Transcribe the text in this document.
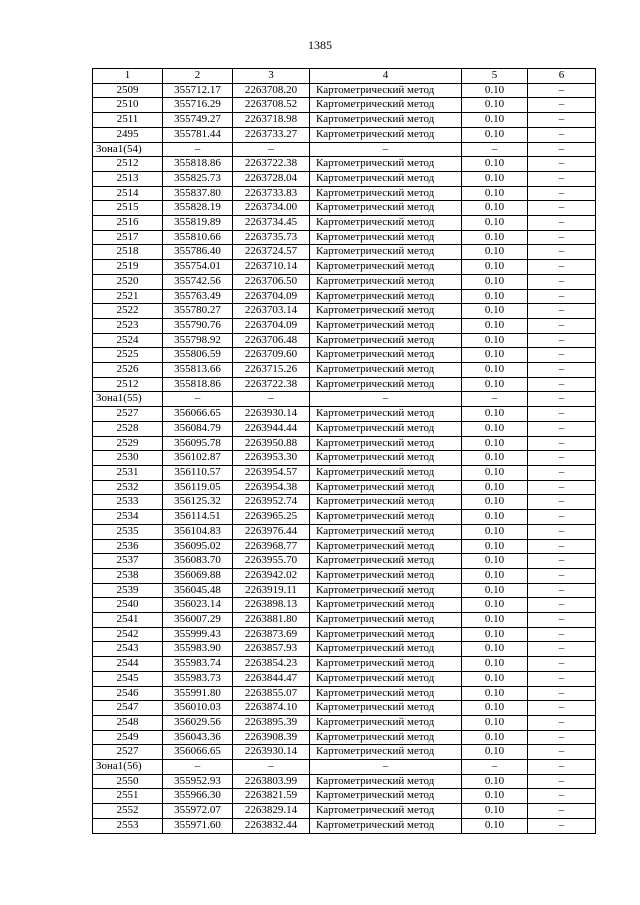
1385
1	2	3	4	5	6
2509	355712.17	2263708.20	Картометрический метод	0.10	–
2510	355716.29	2263708.52	Картометрический метод	0.10	–
2511	355749.27	2263718.98	Картометрический метод	0.10	–
2495	355781.44	2263733.27	Картометрический метод	0.10	–
Зона1(54)	–	–	–	–	–
2512	355818.86	2263722.38	Картометрический метод	0.10	–
2513	355825.73	2263728.04	Картометрический метод	0.10	–
2514	355837.80	2263733.83	Картометрический метод	0.10	–
2515	355828.19	2263734.00	Картометрический метод	0.10	–
2516	355819.89	2263734.45	Картометрический метод	0.10	–
2517	355810.66	2263735.73	Картометрический метод	0.10	–
2518	355786.40	2263724.57	Картометрический метод	0.10	–
2519	355754.01	2263710.14	Картометрический метод	0.10	–
2520	355742.56	2263706.50	Картометрический метод	0.10	–
2521	355763.49	2263704.09	Картометрический метод	0.10	–
2522	355780.27	2263703.14	Картометрический метод	0.10	–
2523	355790.76	2263704.09	Картометрический метод	0.10	–
2524	355798.92	2263706.48	Картометрический метод	0.10	–
2525	355806.59	2263709.60	Картометрический метод	0.10	–
2526	355813.66	2263715.26	Картометрический метод	0.10	–
2512	355818.86	2263722.38	Картометрический метод	0.10	–
Зона1(55)	–	–	–	–	–
2527	356066.65	2263930.14	Картометрический метод	0.10	–
2528	356084.79	2263944.44	Картометрический метод	0.10	–
2529	356095.78	2263950.88	Картометрический метод	0.10	–
2530	356102.87	2263953.30	Картометрический метод	0.10	–
2531	356110.57	2263954.57	Картометрический метод	0.10	–
2532	356119.05	2263954.38	Картометрический метод	0.10	–
2533	356125.32	2263952.74	Картометрический метод	0.10	–
2534	356114.51	2263965.25	Картометрический метод	0.10	–
2535	356104.83	2263976.44	Картометрический метод	0.10	–
2536	356095.02	2263968.77	Картометрический метод	0.10	–
2537	356083.70	2263955.70	Картометрический метод	0.10	–
2538	356069.88	2263942.02	Картометрический метод	0.10	–
2539	356045.48	2263919.11	Картометрический метод	0.10	–
2540	356023.14	2263898.13	Картометрический метод	0.10	–
2541	356007.29	2263881.80	Картометрический метод	0.10	–
2542	355999.43	2263873.69	Картометрический метод	0.10	–
2543	355983.90	2263857.93	Картометрический метод	0.10	–
2544	355983.74	2263854.23	Картометрический метод	0.10	–
2545	355983.73	2263844.47	Картометрический метод	0.10	–
2546	355991.80	2263855.07	Картометрический метод	0.10	–
2547	356010.03	2263874.10	Картометрический метод	0.10	–
2548	356029.56	2263895.39	Картометрический метод	0.10	–
2549	356043.36	2263908.39	Картометрический метод	0.10	–
2527	356066.65	2263930.14	Картометрический метод	0.10	–
Зона1(56)	–	–	–	–	–
2550	355952.93	2263803.99	Картометрический метод	0.10	–
2551	355966.30	2263821.59	Картометрический метод	0.10	–
2552	355972.07	2263829.14	Картометрический метод	0.10	–
2553	355971.60	2263832.44	Картометрический метод	0.10	–
